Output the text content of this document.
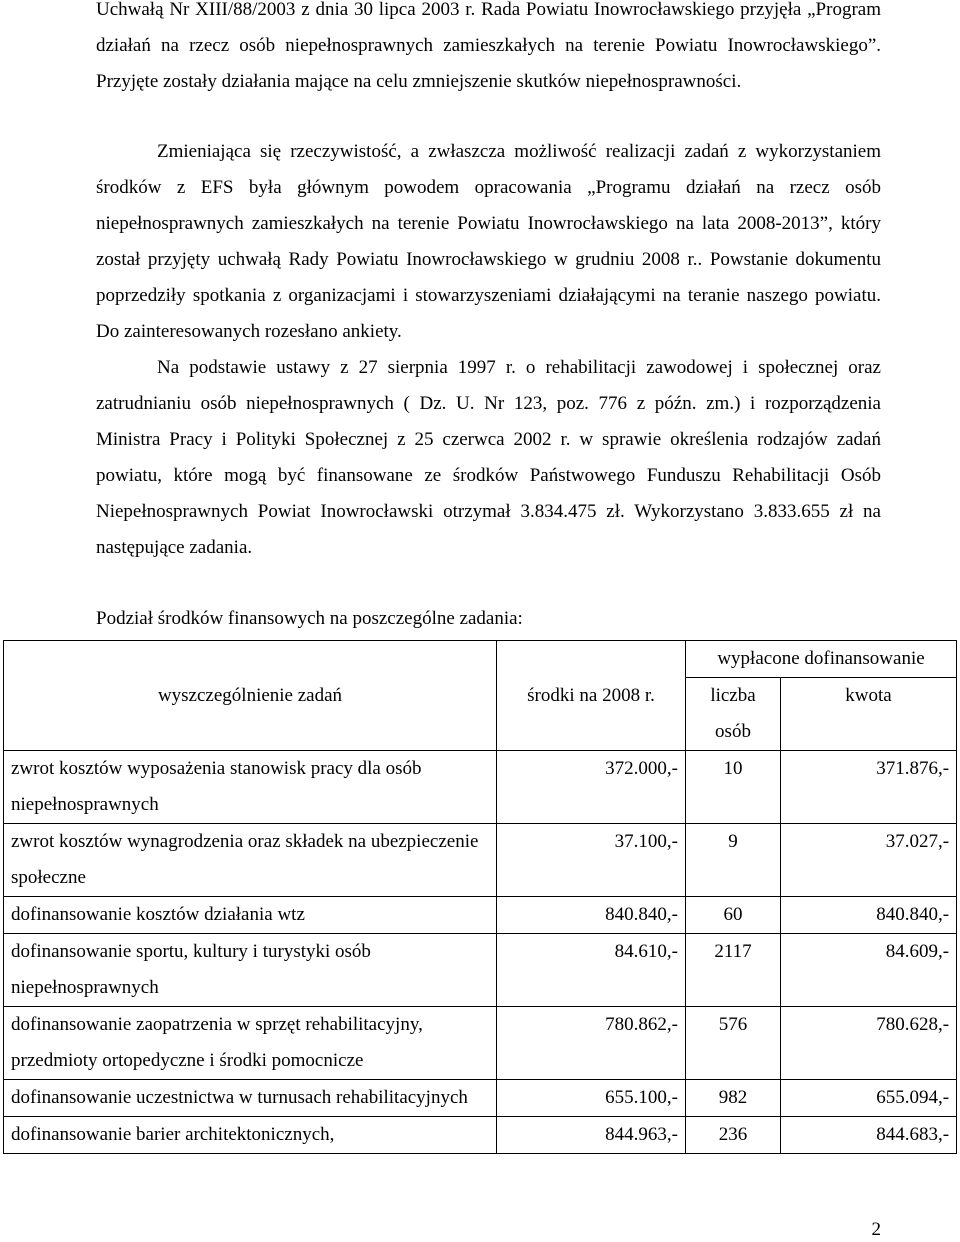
Uchwałą Nr XIII/88/2003 z dnia 30 lipca 2003 r. Rada Powiatu Inowrocławskiego przyjęła „Program działań na rzecz osób niepełnosprawnych zamieszkałych na terenie Powiatu Inowrocławskiego”. Przyjęte zostały działania mające na celu zmniejszenie skutków niepełnosprawności.

Zmieniająca się rzeczywistość, a zwłaszcza możliwość realizacji zadań z wykorzystaniem środków z EFS była głównym powodem opracowania „Programu działań na rzecz osób niepełnosprawnych zamieszkałych na terenie Powiatu Inowrocławskiego na lata 2008-2013”, który został przyjęty uchwałą Rady Powiatu Inowrocławskiego w grudniu 2008 r.. Powstanie dokumentu poprzedziły spotkania z organizacjami i stowarzyszeniami działającymi na teranie naszego powiatu. Do zainteresowanych rozesłano ankiety.

Na podstawie ustawy z 27 sierpnia 1997 r. o rehabilitacji zawodowej i społecznej oraz zatrudnianiu osób niepełnosprawnych ( Dz. U. Nr 123, poz. 776 z późn. zm.) i rozporządzenia Ministra Pracy i Polityki Społecznej z 25 czerwca 2002 r. w sprawie określenia rodzajów zadań powiatu, które mogą być finansowane ze środków Państwowego Funduszu Rehabilitacji Osób Niepełnosprawnych Powiat Inowrocławski otrzymał 3.834.475 zł. Wykorzystano 3.833.655 zł na następujące zadania.

Podział środków finansowych na poszczególne zadania:

wyszczególnienie zadań	środki na 2008 r.	wypłacone dofinansowanie	
		liczba osób	kwota
zwrot kosztów wyposażenia stanowisk pracy dla osób niepełnosprawnych	372.000,-	10	371.876,-
zwrot kosztów wynagrodzenia oraz składek na ubezpieczenie społeczne	37.100,-	9	37.027,-
dofinansowanie kosztów działania wtz	840.840,-	60	840.840,-
dofinansowanie sportu, kultury i turystyki osób niepełnosprawnych	84.610,-	2117	84.609,-
dofinansowanie zaopatrzenia w sprzęt rehabilitacyjny, przedmioty ortopedyczne i środki pomocnicze	780.862,-	576	780.628,-
dofinansowanie uczestnictwa w turnusach rehabilitacyjnych	655.100,-	982	655.094,-
dofinansowanie barier architektonicznych,	844.963,-	236	844.683,-
2
